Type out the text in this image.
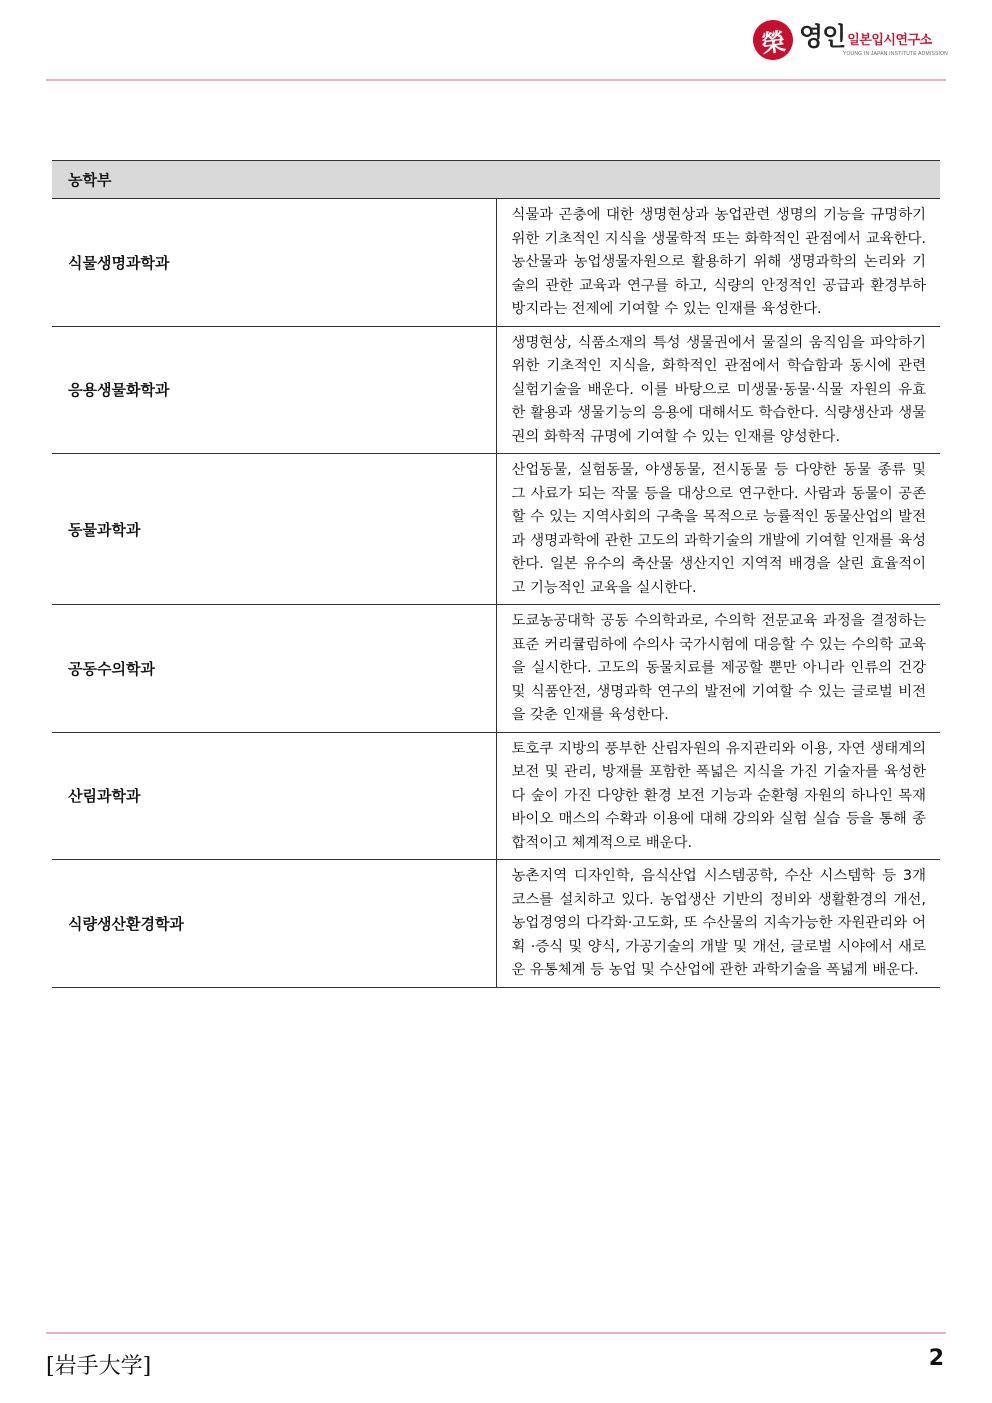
榮 영인 일본입시연구소
YOUNG IN JAPAN INSTITUTE ADMISSION
농학부	
식물생명과학과	식물과 곤충에 대한 생명현상과 농업관련 생명의 기능을 규명하기 위한 기초적인 지식을 생물학적 또는 화학적인 관점에서 교육한다. 농산물과 농업생물자원으로 활용하기 위해 생명과학의 논리와 기술의 관한 교육과 연구를 하고, 식량의 안정적인 공급과 환경부하 방지라는 전제에 기여할 수 있는 인재를 육성한다.
응용생물화학과	생명현상, 식품소재의 특성 생물권에서 물질의 움직임을 파악하기 위한 기초적인 지식을, 화학적인 관점에서 학습함과 동시에 관련 실험기술을 배운다. 이를 바탕으로 미생물·동물·식물 자원의 유효한 활용과 생물기능의 응용에 대해서도 학습한다. 식량생산과 생물권의 화학적 규명에 기여할 수 있는 인재를 양성한다.
동물과학과	산업동물, 실험동물, 야생동물, 전시동물 등 다양한 동물 종류 및 그 사료가 되는 작물 등을 대상으로 연구한다. 사람과 동물이 공존할 수 있는 지역사회의 구축을 목적으로 능률적인 동물산업의 발전과 생명과학에 관한 고도의 과학기술의 개발에 기여할 인재를 육성한다. 일본 유수의 축산물 생산지인 지역적 배경을 살린 효율적이고 기능적인 교육을 실시한다.
공동수의학과	도쿄농공대학 공동 수의학과로, 수의학 전문교육 과정을 결정하는 표준 커리큘럼하에 수의사 국가시험에 대응할 수 있는 수의학 교육을 실시한다. 고도의 동물치료를 제공할 뿐만 아니라 인류의 건강 및 식품안전, 생명과학 연구의 발전에 기여할 수 있는 글로벌 비전을 갖춘 인재를 육성한다.
산림과학과	토호쿠 지방의 풍부한 산림자원의 유지관리와 이용, 자연 생태계의 보전 및 관리, 방재를 포함한 폭넓은 지식을 가진 기술자를 육성한다 숲이 가진 다양한 환경 보전 기능과 순환형 자원의 하나인 목재 바이오 매스의 수확과 이용에 대해 강의와 실험 실습 등을 통해 종합적이고 체계적으로 배운다.
식량생산환경학과	농촌지역 디자인학, 음식산업 시스템공학, 수산 시스템학 등 3개 코스를 설치하고 있다. 농업생산 기반의 정비와 생활환경의 개선, 농업경영의 다각화·고도화, 또 수산물의 지속가능한 자원관리와 어획 ·증식 및 양식, 가공기술의 개발 및 개선, 글로벌 시야에서 새로운 유통체계 등 농업 및 수산업에 관한 과학기술을 폭넓게 배운다.
[岩手大学]	2
